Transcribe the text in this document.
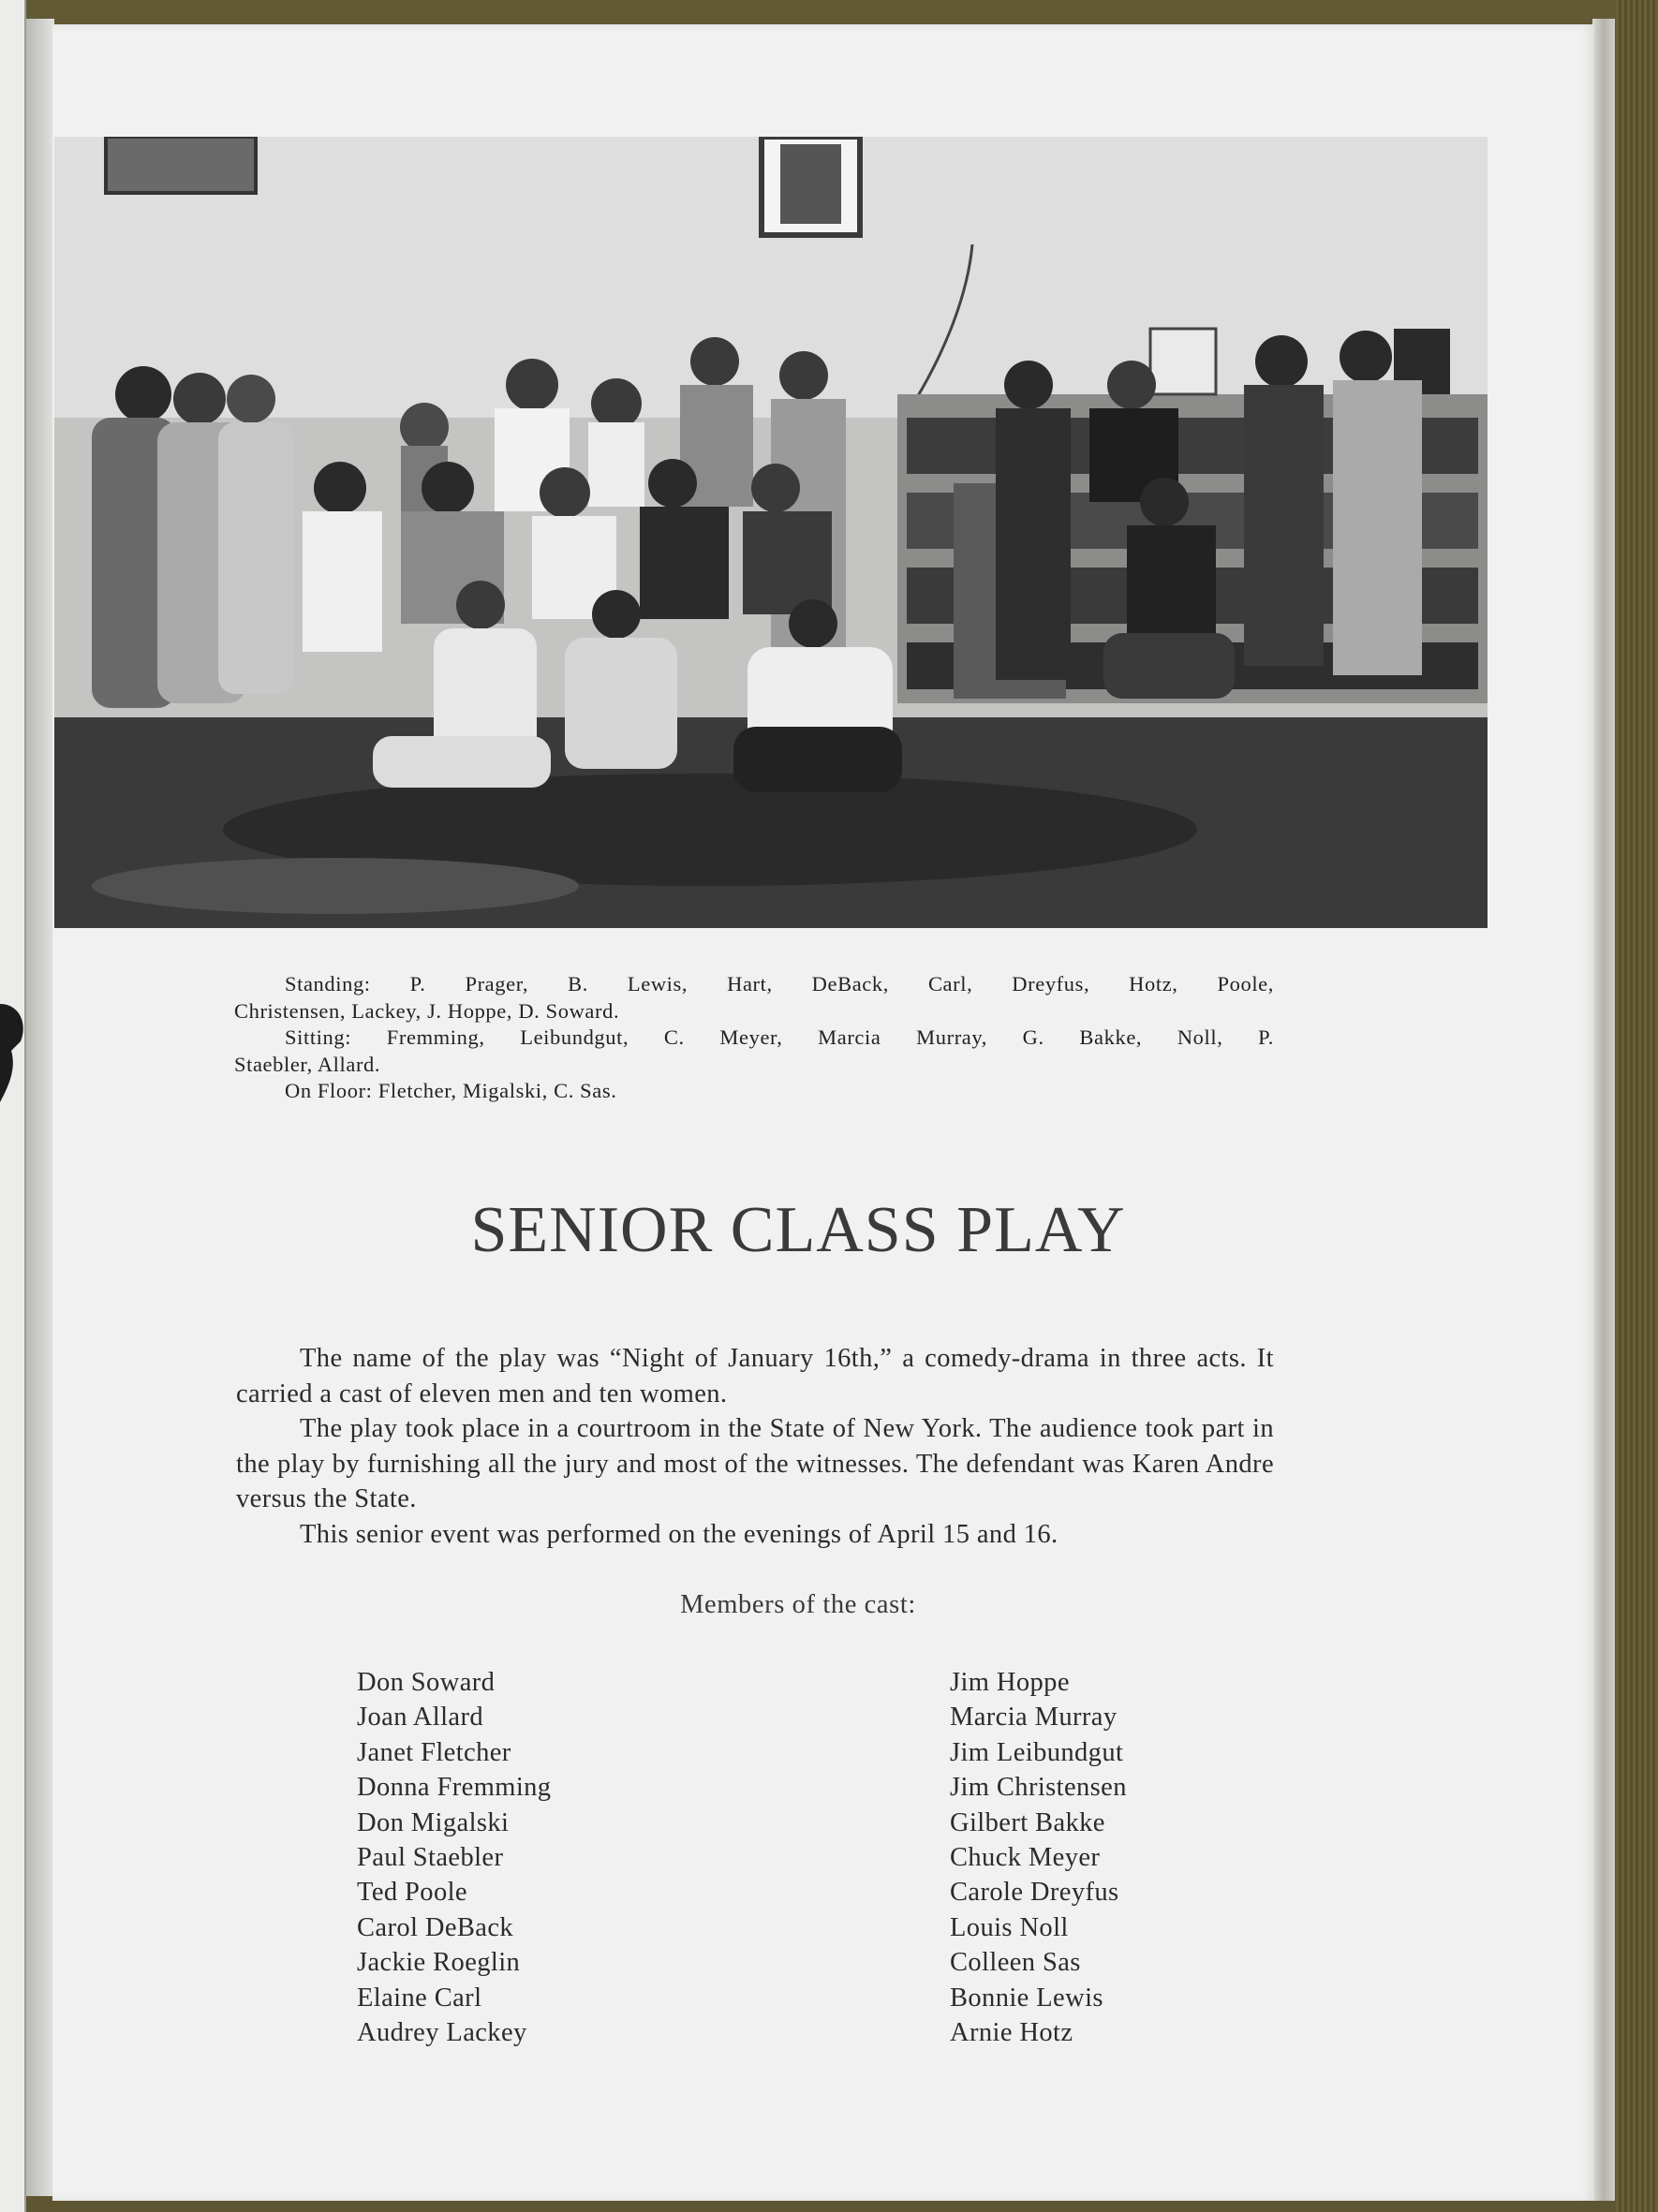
Standing: P. Prager, B. Lewis, Hart, DeBack, Carl, Dreyfus, Hotz, Poole,

Christensen, Lackey, J. Hoppe, D. Soward.

Sitting: Fremming, Leibundgut, C. Meyer, Marcia Murray, G. Bakke, Noll, P.

Staebler, Allard.

On Floor: Fletcher, Migalski, C. Sas.

SENIOR CLASS PLAY

The name of the play was “Night of January 16th,” a comedy-drama in three acts. It carried a cast of eleven men and ten women.

The play took place in a courtroom in the State of New York. The audience took part in the play by furnishing all the jury and most of the witnesses. The defendant was Karen Andre versus the State.

This senior event was performed on the evenings of April 15 and 16.

Members of the cast:
Don Soward
Joan Allard
Janet Fletcher
Donna Fremming
Don Migalski
Paul Staebler
Ted Poole
Carol DeBack
Jackie Roeglin
Elaine Carl
Audrey Lackey
Jim Hoppe
Marcia Murray
Jim Leibundgut
Jim Christensen
Gilbert Bakke
Chuck Meyer
Carole Dreyfus
Louis Noll
Colleen Sas
Bonnie Lewis
Arnie Hotz
